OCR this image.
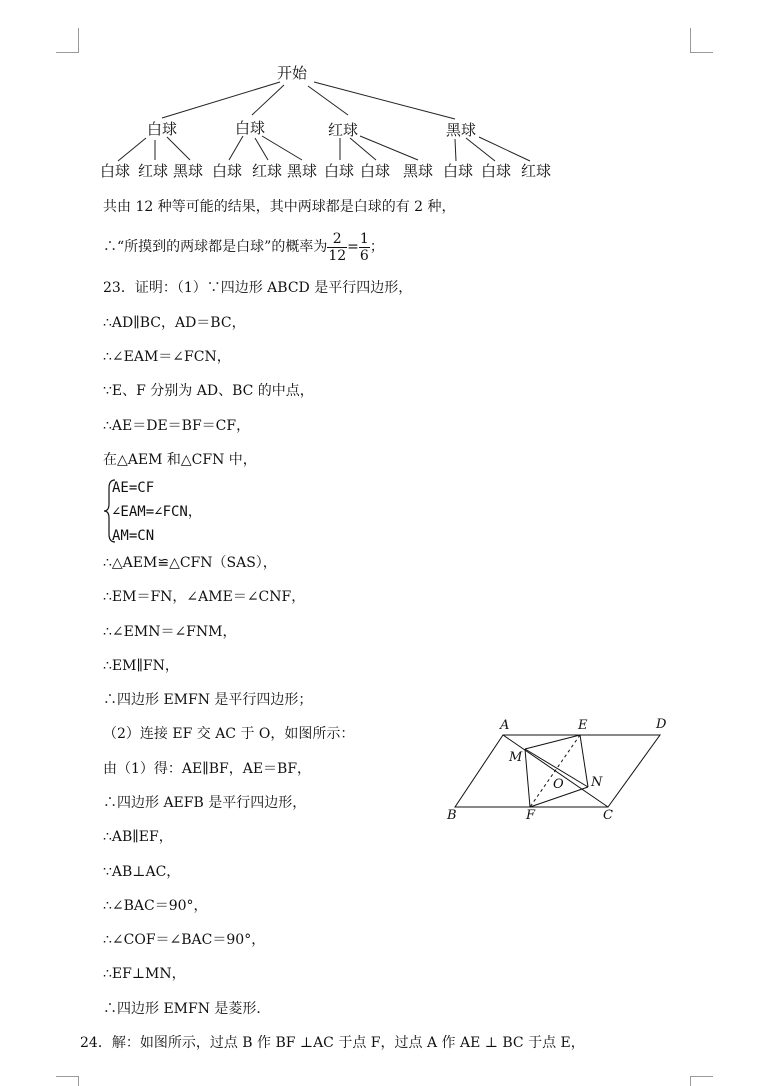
开始
白球	白球	红球	黑球
白球 红球 黑球 白球 红球 黑球 白球 白球 黑球 白球 白球 红球
共由 12 种等可能的结果，其中两球都是白球的有 2 种，
∴“所摸到的两球都是白球”的概率为 $\frac{2}{12} = \frac{1}{6}$ ；
23．证明：（1）∵四边形 ABCD 是平行四边形，
∴AD∥BC，AD＝BC，
∴∠EAM＝∠FCN，
∵E、F 分别为 AD、BC 的中点，
∴AE＝DE＝BF＝CF，
在△AEM 和△CFN 中，
AE=CF
∠EAM=∠FCN，
AM=CN
∴△AEM≌△CFN（SAS），
∴EM＝FN，∠AME＝∠CNF，
∴∠EMN＝∠FNM，
∴EM∥FN，
∴四边形 EMFN 是平行四边形；
（2）连接 EF 交 AC 于 O，如图所示：
由（1）得：AE∥BF，AE＝BF，
∴四边形 AEFB 是平行四边形，
∴AB∥EF，
∵AB⊥AC，
∴∠BAC＝90°，
∴∠COF＝∠BAC＝90°，
∴EF⊥MN，
∴四边形 EMFN 是菱形．
24．解：如图所示，过点 B 作 BF ⊥AC 于点 F，过点 A 作 AE ⊥ BC 于点 E，
A	E	D
M
O N
B	F	C
